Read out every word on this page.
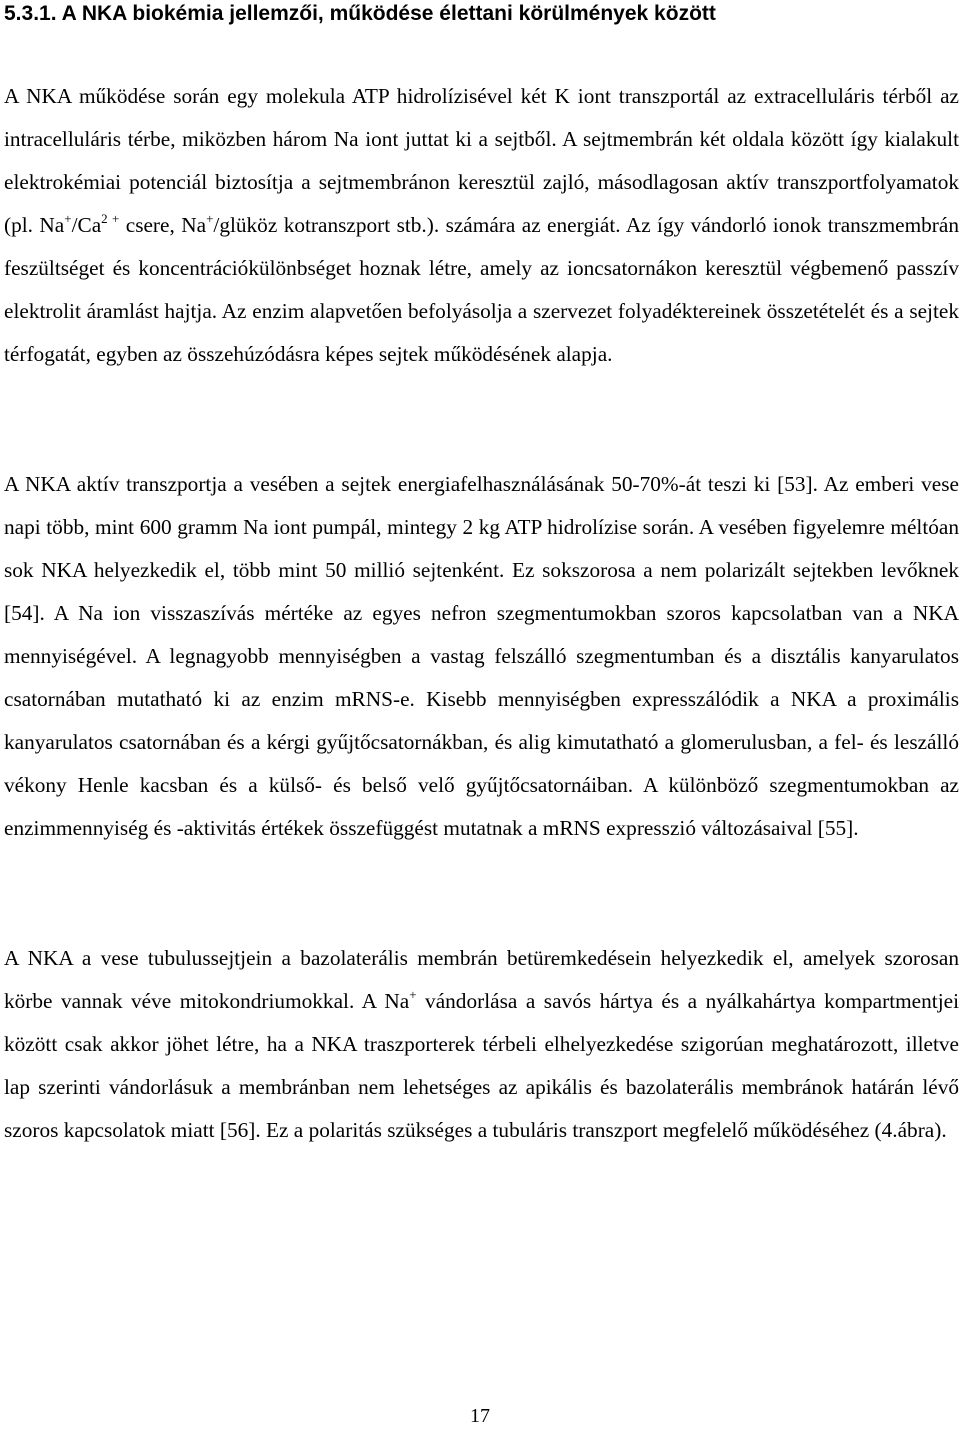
5.3.1. A NKA biokémia jellemzői, működése élettani körülmények között

A NKA működése során egy molekula ATP hidrolízisével két K iont transzportál az extracelluláris térből az intracelluláris térbe, miközben három Na iont juttat ki a sejtből. A sejtmembrán két oldala között így kialakult elektrokémiai potenciál biztosítja a sejtmembránon keresztül zajló, másodlagosan aktív transzportfolyamatok (pl. $Na^+/Ca^{2 +}$ csere, Na+/glüköz kotranszport stb.). számára az energiát. Az így vándorló ionok transzmembrán feszültséget és koncentrációkülönbséget hoznak létre, amely az ioncsatornákon keresztül végbemenő passzív elektrolit áramlást hajtja. Az enzim alapvetően befolyásolja a szervezet folyadéktereinek összetételét és a sejtek térfogatát, egyben az összehúzódásra képes sejtek működésének alapja.

A NKA aktív transzportja a vesében a sejtek energiafelhasználásának 50-70%-át teszi ki [53]. Az emberi vese napi több, mint 600 gramm Na iont pumpál, mintegy 2 kg ATP hidrolízise során. A vesében figyelemre méltóan sok NKA helyezkedik el, több mint 50 millió sejtenként. Ez sokszorosa a nem polarizált sejtekben levőknek [54]. A Na ion visszaszívás mértéke az egyes nefron szegmentumokban szoros kapcsolatban van a NKA mennyiségével. A legnagyobb mennyiségben a vastag felszálló szegmentumban és a disztális kanyarulatos csatornában mutatható ki az enzim mRNS-e. Kisebb mennyiségben expresszálódik a NKA a proximális kanyarulatos csatornában és a kérgi gyűjtőcsatornákban, és alig kimutatható a glomerulusban, a fel- és leszálló vékony Henle kacsban és a külső- és belső velő gyűjtőcsatornáiban. A különböző szegmentumokban az enzimmennyiség és -aktivitás értékek összefüggést mutatnak a mRNS expresszió változásaival [55].

A NKA a vese tubulussejtjein a bazolaterális membrán betüremkedésein helyezkedik el, amelyek szorosan körbe vannak véve mitokondriumokkal. A Na+ vándorlása a savós hártya és a nyálkahártya kompartmentjei között csak akkor jöhet létre, ha a NKA traszporterek térbeli elhelyezkedése szigorúan meghatározott, illetve lap szerinti vándorlásuk a membránban nem lehetséges az apikális és bazolaterális membránok határán lévő szoros kapcsolatok miatt [56]. Ez a polaritás szükséges a tubuláris transzport megfelelő működéséhez (4.ábra).

17
